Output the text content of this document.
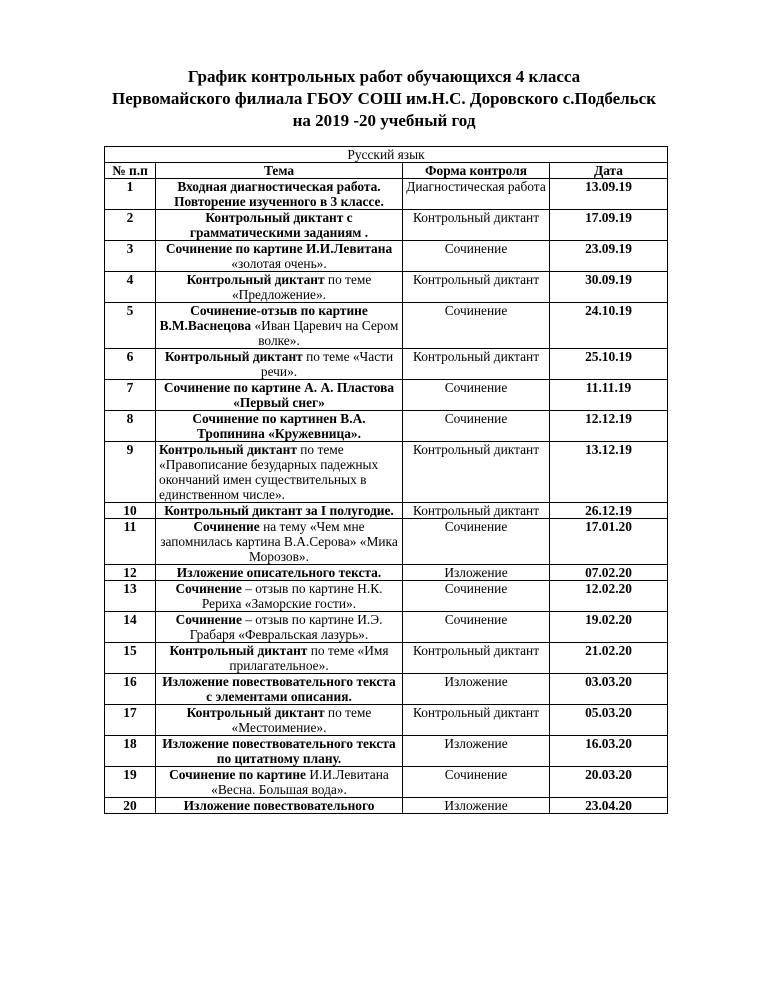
График контрольных работ обучающихся 4 класса
Первомайского филиала ГБОУ СОШ им.Н.С. Доровского с.Подбельск
на 2019 -20 учебный год
Русский язык			
№ п.п	Тема	Форма контроля	Дата
1	Входная диагностическая работа. Повторение изученного в 3 классе.	Диагностическая работа	13.09.19
2	Контрольный диктант с грамматическими заданиям .	Контрольный диктант	17.09.19
3	Сочинение по картине И.И.Левитана «золотая очень».	Сочинение	23.09.19
4	Контрольный диктант по теме «Предложение».	Контрольный диктант	30.09.19
5	Сочинение-отзыв по картине В.М.Васнецова «Иван Царевич на Сером волке».	Сочинение	24.10.19
6	Контрольный диктант по теме «Части речи».	Контрольный диктант	25.10.19
7	Сочинение по картине А. А. Пластова «Первый снег»	Сочинение	11.11.19
8	Сочинение по картинен В.А. Тропинина «Кружевница».	Сочинение	12.12.19
9	Контрольный диктант по теме «Правописание безударных падежных окончаний имен существительных в единственном числе».	Контрольный диктант	13.12.19
10	Контрольный диктант за I полугодие.	Контрольный диктант	26.12.19
11	Сочинение на тему «Чем мне запомнилась картина В.А.Серова» «Мика Морозов».	Сочинение	17.01.20
12	Изложение описательного текста.	Изложение	07.02.20
13	Сочинение – отзыв по картине Н.К. Рериха «Заморские гости».	Сочинение	12.02.20
14	Сочинение – отзыв по картине И.Э. Грабаря «Февральская лазурь».	Сочинение	19.02.20
15	Контрольный диктант по теме «Имя прилагательное».	Контрольный диктант	21.02.20
16	Изложение повествовательного текста с элементами описания.	Изложение	03.03.20
17	Контрольный диктант по теме «Местоимение».	Контрольный диктант	05.03.20
18	Изложение повествовательного текста по цитатному плану.	Изложение	16.03.20
19	Сочинение по картине И.И.Левитана «Весна. Большая вода».	Сочинение	20.03.20
20	Изложение повествовательного	Изложение	23.04.20
